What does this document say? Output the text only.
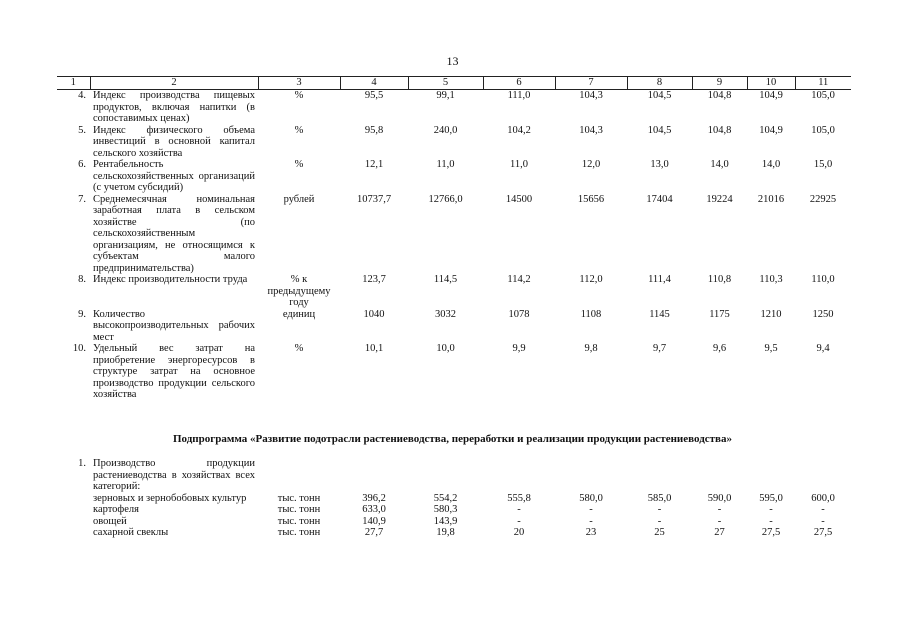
13
1	2	3	4	5	6	7	8	9	10	11
4.	Индекс производства пищевых продуктов, включая напитки (в сопоставимых ценах)	%	95,5	99,1	111,0	104,3	104,5	104,8	104,9	105,0
5.	Индекс физического объема инвестиций в основной капитал сельского хозяйства	%	95,8	240,0	104,2	104,3	104,5	104,8	104,9	105,0
6.	Рентабельность сельскохозяйственных организаций (с учетом субсидий)	%	12,1	11,0	11,0	12,0	13,0	14,0	14,0	15,0
7.	Среднемесячная номинальная заработная плата в сельском хозяйстве (по сельскохозяйственным организациям, не относящимся к субъектам малого предпринимательства)	рублей	10737,7	12766,0	14500	15656	17404	19224	21016	22925
8.	Индекс производительности труда	% к предыдущему году	123,7	114,5	114,2	112,0	111,4	110,8	110,3	110,0
9.	Количество высокопроизводительных рабочих мест	единиц	1040	3032	1078	1108	1145	1175	1210	1250
10.	Удельный вес затрат на приобретение энергоресурсов в структуре затрат на основное производство продукции сельского хозяйства	%	10,1	10,0	9,9	9,8	9,7	9,6	9,5	9,4
Подпрограмма «Развитие подотрасли растениеводства, переработки и реализации продукции растениеводства»
1.	Производство продукции растениеводства в хозяйствах всех категорий:									
	зерновых и зернобобовых культур	тыс. тонн	396,2	554,2	555,8	580,0	585,0	590,0	595,0	600,0
	картофеля	тыс. тонн	633,0	580,3	-	-	-	-	-	-
	овощей	тыс. тонн	140,9	143,9	-	-	-	-	-	-
	сахарной свеклы	тыс. тонн	27,7	19,8	20	23	25	27	27,5	27,5
